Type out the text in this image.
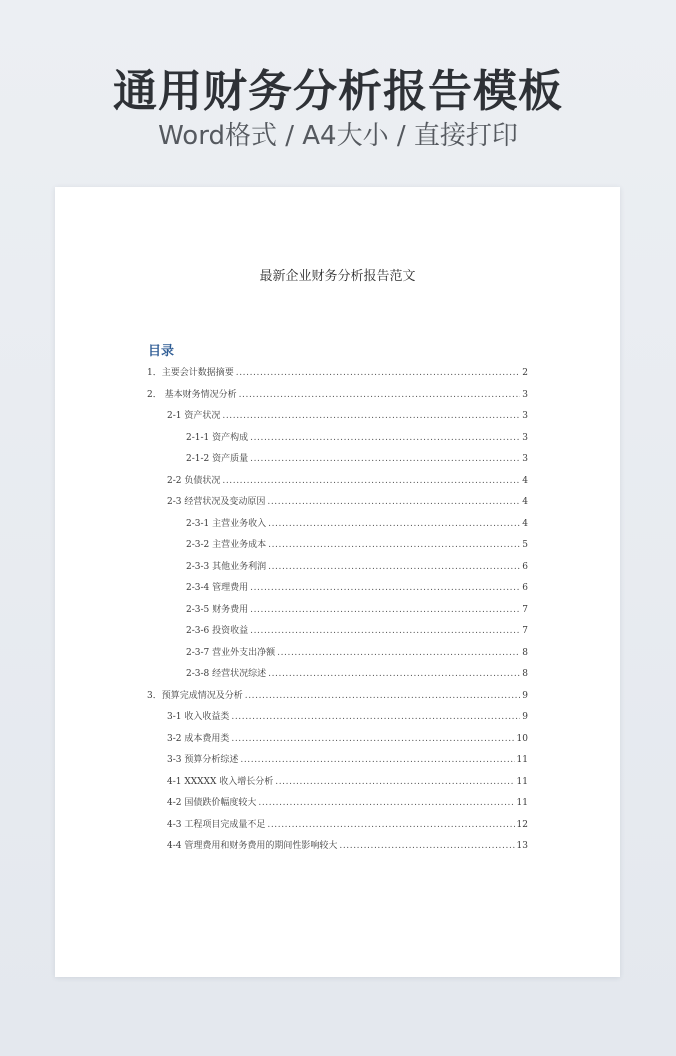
通用财务分析报告模板
Word格式 / A4大小 / 直接打印
最新企业财务分析报告范文
目录
1．主要会计数据摘要 .....	2
2． 基本财务情况分析 .....	3
2-1 资产状况 .....	3
2-1-1 资产构成 .....	3
2-1-2 资产质量 .....	3
2-2 负债状况 .....	4
2-3 经营状况及变动原因 .....	4
2-3-1 主营业务收入 .....	4
2-3-2 主营业务成本 .....	5
2-3-3 其他业务利润 .....	6
2-3-4 管理费用 .....	6
2-3-5 财务费用 .....	7
2-3-6 投资收益 .....	7
2-3-7 营业外支出净额 .....	8
2-3-8 经营状况综述 .....	8
3．预算完成情况及分析 .....	9
3-1 收入收益类 .....	9
3-2 成本费用类 .....	10
3-3 预算分析综述 .....	11
4-1 XXXXX 收入增长分析 .....	11
4-2 国债跌价幅度较大 .....	11
4-3 工程项目完成量不足 .....	12
4-4 管理费用和财务费用的期间性影响较大 .....	13
